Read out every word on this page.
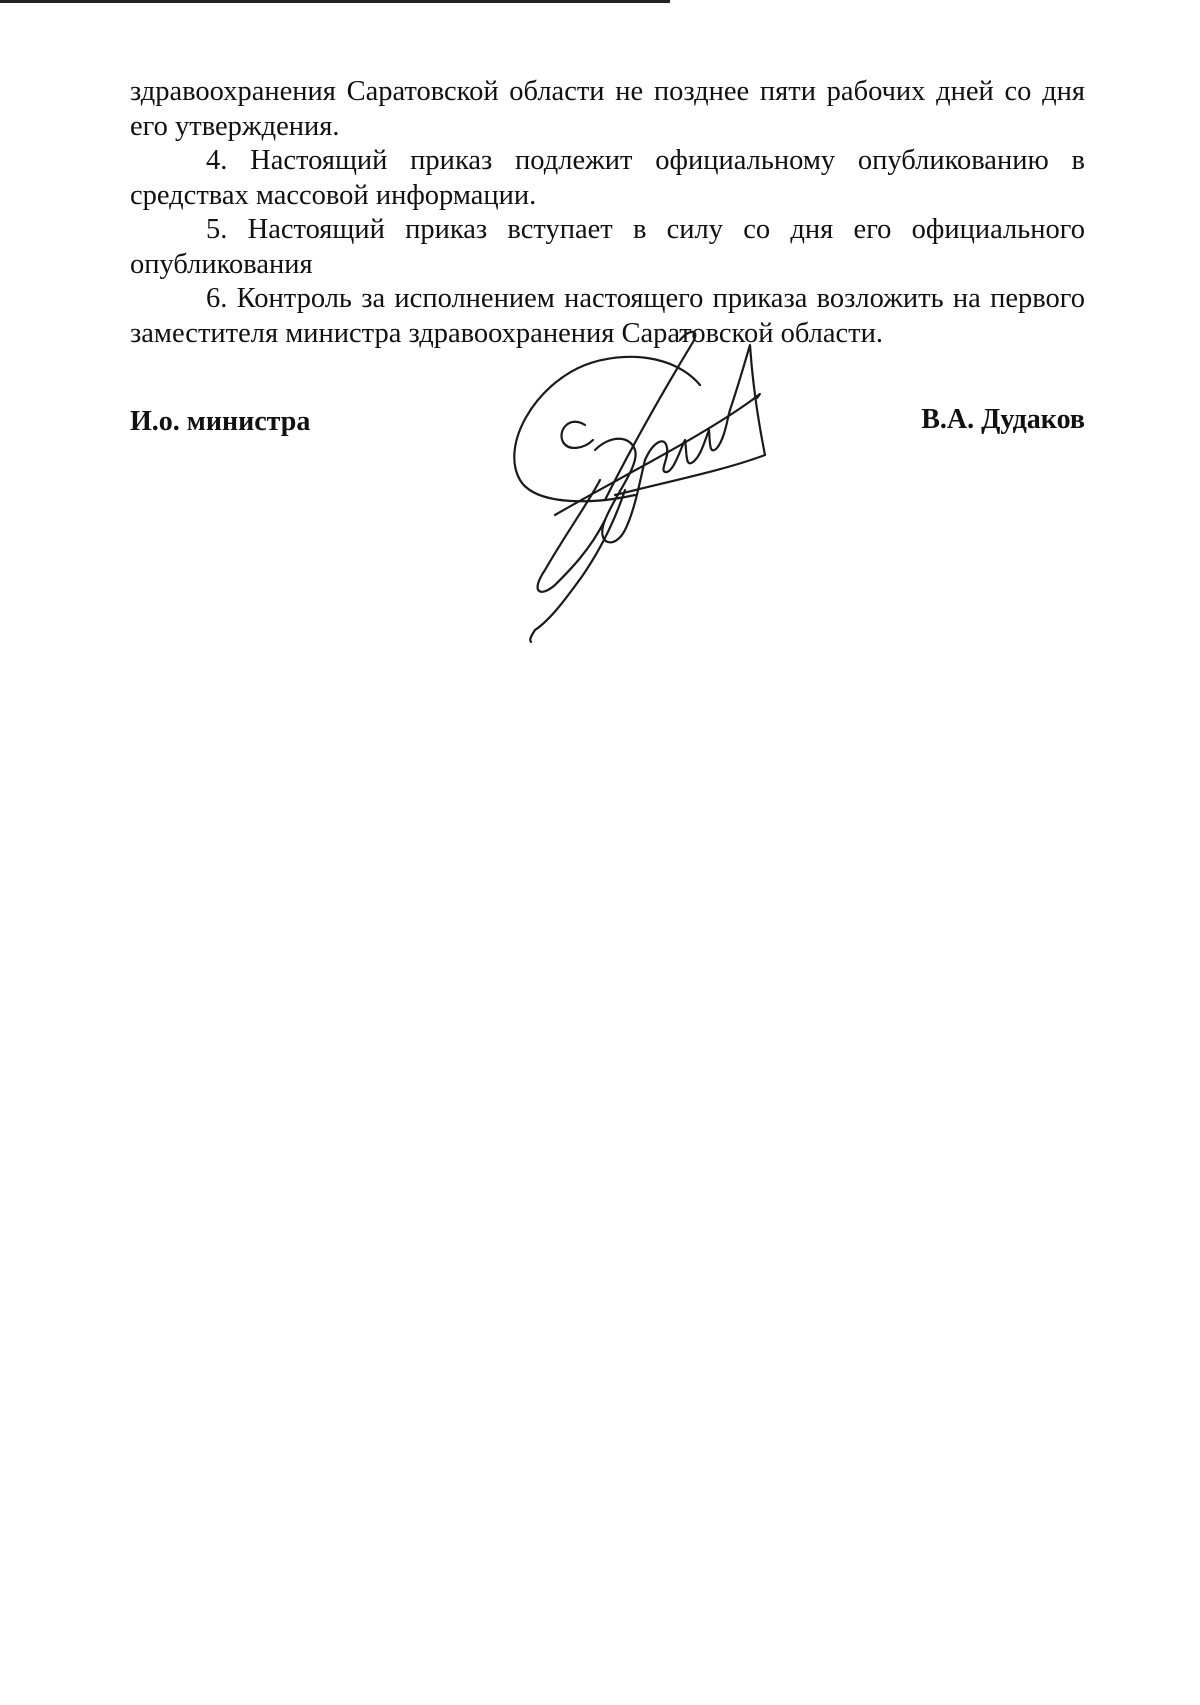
здравоохранения Саратовской области не позднее пяти рабочих дней со дня его утверждения.

4. Настоящий приказ подлежит официальному опубликованию в средствах массовой информации.

5. Настоящий приказ вступает в силу со дня его официального опубликования

6. Контроль за исполнением настоящего приказа возложить на первого заместителя министра здравоохранения Саратовской области.

И.о. министра	В.А. Дудаков
